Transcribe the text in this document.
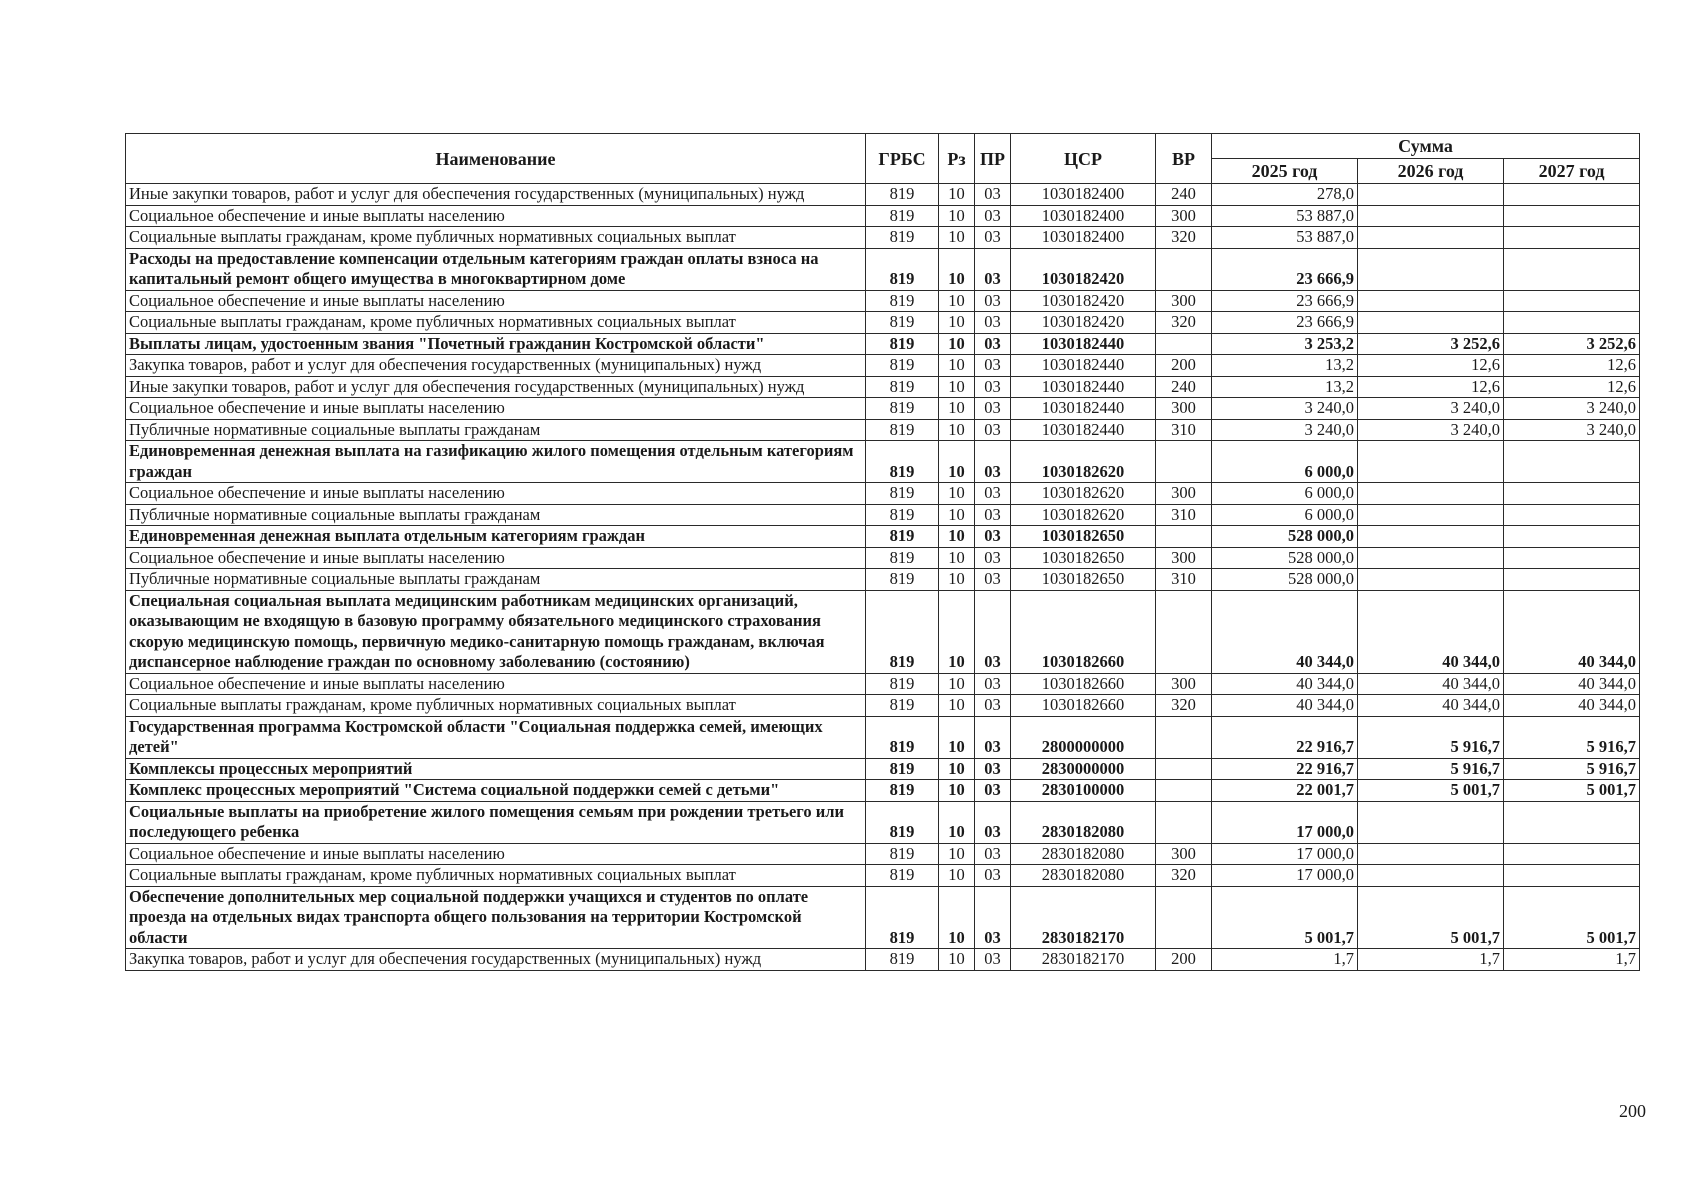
Наименование	ГРБС	Рз	ПР	ЦСР	ВР	Сумма		
						2025 год	2026 год	2027 год
Иные закупки товаров, работ и услуг для обеспечения государственных (муниципальных) нужд	819	10	03	1030182400	240	278,0		
Социальное обеспечение и иные выплаты населению	819	10	03	1030182400	300	53 887,0		
Социальные выплаты гражданам, кроме публичных нормативных социальных выплат	819	10	03	1030182400	320	53 887,0		
Расходы на предоставление компенсации отдельным категориям граждан оплаты взноса на капитальный ремонт общего имущества в многоквартирном доме	819	10	03	1030182420		23 666,9		
Социальное обеспечение и иные выплаты населению	819	10	03	1030182420	300	23 666,9		
Социальные выплаты гражданам, кроме публичных нормативных социальных выплат	819	10	03	1030182420	320	23 666,9		
Выплаты лицам, удостоенным звания "Почетный гражданин Костромской области"	819	10	03	1030182440		3 253,2	3 252,6	3 252,6
Закупка товаров, работ и услуг для обеспечения государственных (муниципальных) нужд	819	10	03	1030182440	200	13,2	12,6	12,6
Иные закупки товаров, работ и услуг для обеспечения государственных (муниципальных) нужд	819	10	03	1030182440	240	13,2	12,6	12,6
Социальное обеспечение и иные выплаты населению	819	10	03	1030182440	300	3 240,0	3 240,0	3 240,0
Публичные нормативные социальные выплаты гражданам	819	10	03	1030182440	310	3 240,0	3 240,0	3 240,0
Единовременная денежная выплата на газификацию жилого помещения отдельным категориям граждан	819	10	03	1030182620		6 000,0		
Социальное обеспечение и иные выплаты населению	819	10	03	1030182620	300	6 000,0		
Публичные нормативные социальные выплаты гражданам	819	10	03	1030182620	310	6 000,0		
Единовременная денежная выплата отдельным категориям граждан	819	10	03	1030182650		528 000,0		
Социальное обеспечение и иные выплаты населению	819	10	03	1030182650	300	528 000,0		
Публичные нормативные социальные выплаты гражданам	819	10	03	1030182650	310	528 000,0		
Специальная социальная выплата медицинским работникам медицинских организаций, оказывающим не входящую в базовую программу обязательного медицинского страхования скорую медицинскую помощь, первичную медико-санитарную помощь гражданам, включая диспансерное наблюдение граждан по основному заболеванию (состоянию)	819	10	03	1030182660		40 344,0	40 344,0	40 344,0
Социальное обеспечение и иные выплаты населению	819	10	03	1030182660	300	40 344,0	40 344,0	40 344,0
Социальные выплаты гражданам, кроме публичных нормативных социальных выплат	819	10	03	1030182660	320	40 344,0	40 344,0	40 344,0
Государственная программа Костромской области "Социальная поддержка семей, имеющих детей"	819	10	03	2800000000		22 916,7	5 916,7	5 916,7
Комплексы процессных мероприятий	819	10	03	2830000000		22 916,7	5 916,7	5 916,7
Комплекс процессных мероприятий "Система социальной поддержки семей с детьми"	819	10	03	2830100000		22 001,7	5 001,7	5 001,7
Социальные выплаты на приобретение жилого помещения семьям при рождении третьего или последующего ребенка	819	10	03	2830182080		17 000,0		
Социальное обеспечение и иные выплаты населению	819	10	03	2830182080	300	17 000,0		
Социальные выплаты гражданам, кроме публичных нормативных социальных выплат	819	10	03	2830182080	320	17 000,0		
Обеспечение дополнительных мер социальной поддержки учащихся и студентов по оплате проезда на отдельных видах транспорта общего пользования на территории Костромской области	819	10	03	2830182170		5 001,7	5 001,7	5 001,7
Закупка товаров, работ и услуг для обеспечения государственных (муниципальных) нужд	819	10	03	2830182170	200	1,7	1,7	1,7
200
